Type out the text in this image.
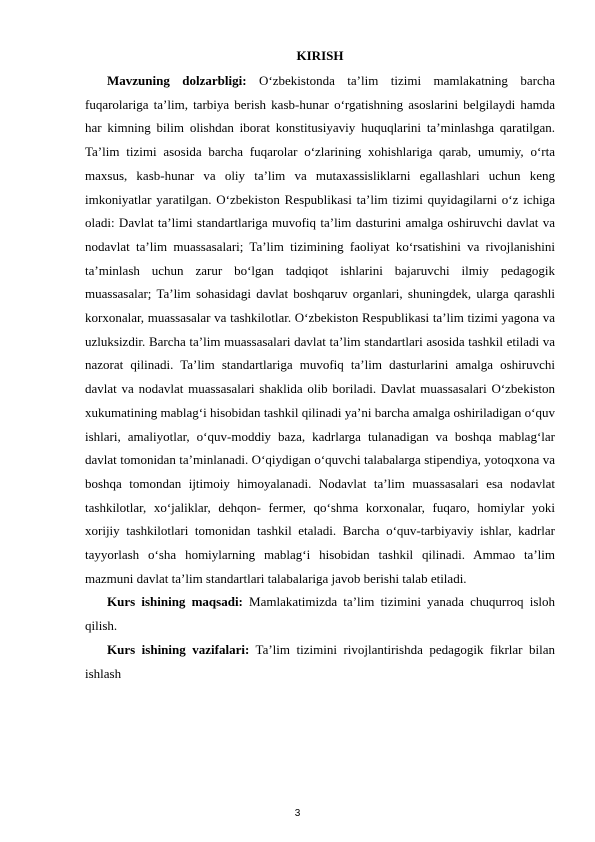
KIRISH

Mavzuning dolzarbligi: O‘zbekistonda ta’lim tizimi mamlakatning barcha fuqarolariga ta’lim, tarbiya berish kasb-hunar o‘rgatishning asoslarini belgilaydi hamda har kimning bilim olishdan iborat konstitusiyaviy huquqlarini ta’minlashga qaratilgan. Ta’lim tizimi asosida barcha fuqarolar o‘zlarining xohishlariga qarab, umumiy, o‘rta maxsus, kasb-hunar va oliy ta’lim va mutaxassisliklarni egallashlari uchun keng imkoniyatlar yaratilgan. O‘zbekiston Respublikasi ta’lim tizimi quyidagilarni o‘z ichiga oladi: Davlat ta’limi standartlariga muvofiq ta’lim dasturini amalga oshiruvchi davlat va nodavlat ta’lim muassasalari; Ta’lim tizimining faoliyat ko‘rsatishini va rivojlanishini ta’minlash uchun zarur bo‘lgan tadqiqot ishlarini bajaruvchi ilmiy pedagogik muassasalar; Ta’lim sohasidagi davlat boshqaruv organlari, shuningdek, ularga qarashli korxonalar, muassasalar va tashkilotlar. O‘zbekiston Respublikasi ta’lim tizimi yagona va uzluksizdir. Barcha ta’lim muassasalari davlat ta’lim standartlari asosida tashkil etiladi va nazorat qilinadi. Ta’lim standartlariga muvofiq ta’lim dasturlarini amalga oshiruvchi davlat va nodavlat muassasalari shaklida olib boriladi. Davlat muassasalari O‘zbekiston xukumatining mablag‘i hisobidan tashkil qilinadi ya’ni barcha amalga oshiriladigan o‘quv ishlari, amaliyotlar, o‘quv-moddiy baza, kadrlarga tulanadigan va boshqa mablag‘lar davlat tomonidan ta’minlanadi. O‘qiydigan o‘quvchi talabalarga stipendiya, yotoqxona va boshqa tomondan ijtimoiy himoyalanadi. Nodavlat ta’lim muassasalari esa nodavlat tashkilotlar, xo‘jaliklar, dehqon- fermer, qo‘shma korxonalar, fuqaro, homiylar yoki xorijiy tashkilotlari tomonidan tashkil etaladi. Barcha o‘quv-tarbiyaviy ishlar, kadrlar tayyorlash o‘sha homiylarning mablag‘i hisobidan tashkil qilinadi. Ammao ta’lim mazmuni davlat ta’lim standartlari talabalariga javob berishi talab etiladi.

Kurs ishining maqsadi: Mamlakatimizda ta’lim tizimini yanada chuqurroq isloh qilish.

Kurs ishining vazifalari: Ta’lim tizimini rivojlantirishda pedagogik fikrlar bilan ishlash

3
